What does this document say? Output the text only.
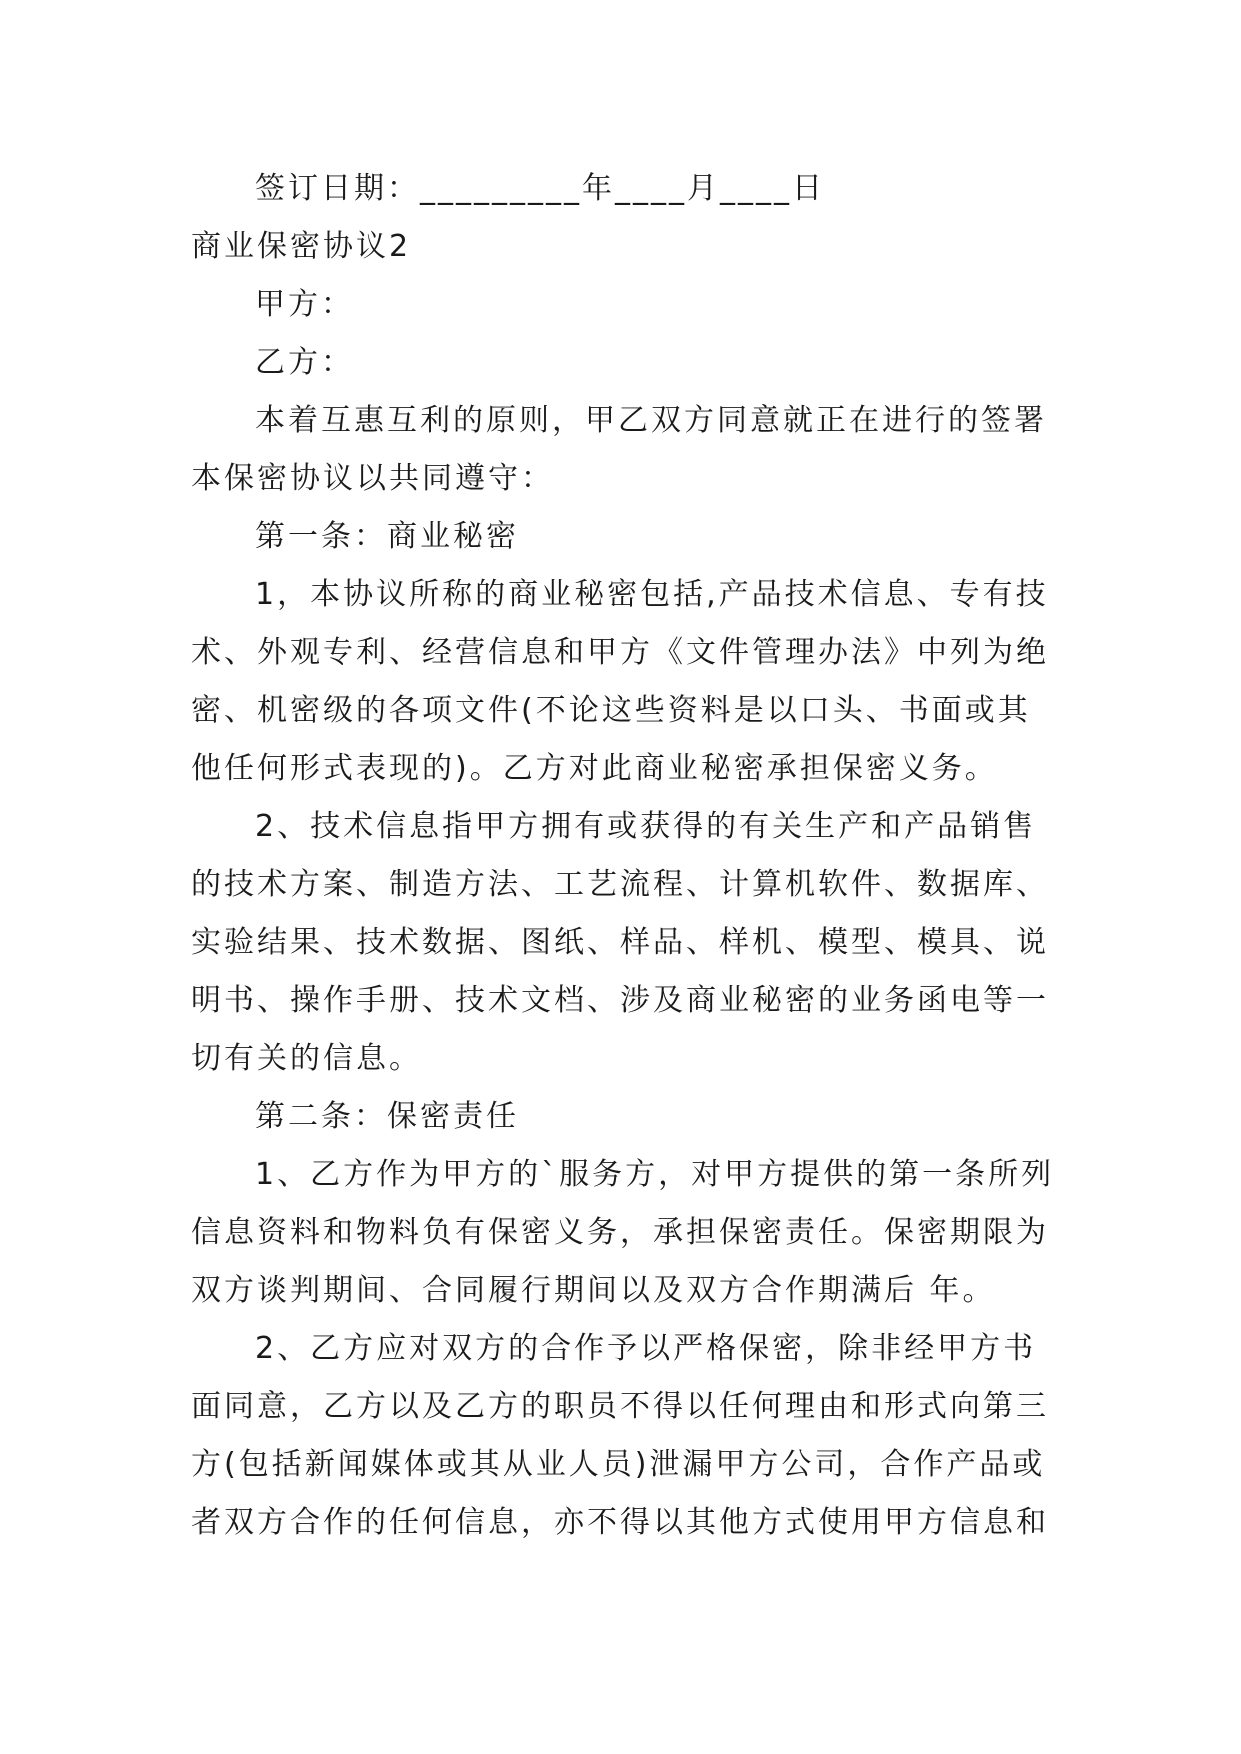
签订日期：_________年____月____日

商业保密协议2

甲方：

乙方：

本着互惠互利的原则，甲乙双方同意就正在进行的签署

本保密协议以共同遵守：

第一条：商业秘密

1，本协议所称的商业秘密包括,产品技术信息、专有技

术、外观专利、经营信息和甲方《文件管理办法》中列为绝

密、机密级的各项文件(不论这些资料是以口头、书面或其

他任何形式表现的)。乙方对此商业秘密承担保密义务。

2、技术信息指甲方拥有或获得的有关生产和产品销售

的技术方案、制造方法、工艺流程、计算机软件、数据库、

实验结果、技术数据、图纸、样品、样机、模型、模具、说

明书、操作手册、技术文档、涉及商业秘密的业务函电等一

切有关的信息。

第二条：保密责任

1、乙方作为甲方的`服务方，对甲方提供的第一条所列

信息资料和物料负有保密义务，承担保密责任。保密期限为

双方谈判期间、合同履行期间以及双方合作期满后 年。

2、乙方应对双方的合作予以严格保密，除非经甲方书

面同意，乙方以及乙方的职员不得以任何理由和形式向第三

方(包括新闻媒体或其从业人员)泄漏甲方公司，合作产品或

者双方合作的任何信息，亦不得以其他方式使用甲方信息和
